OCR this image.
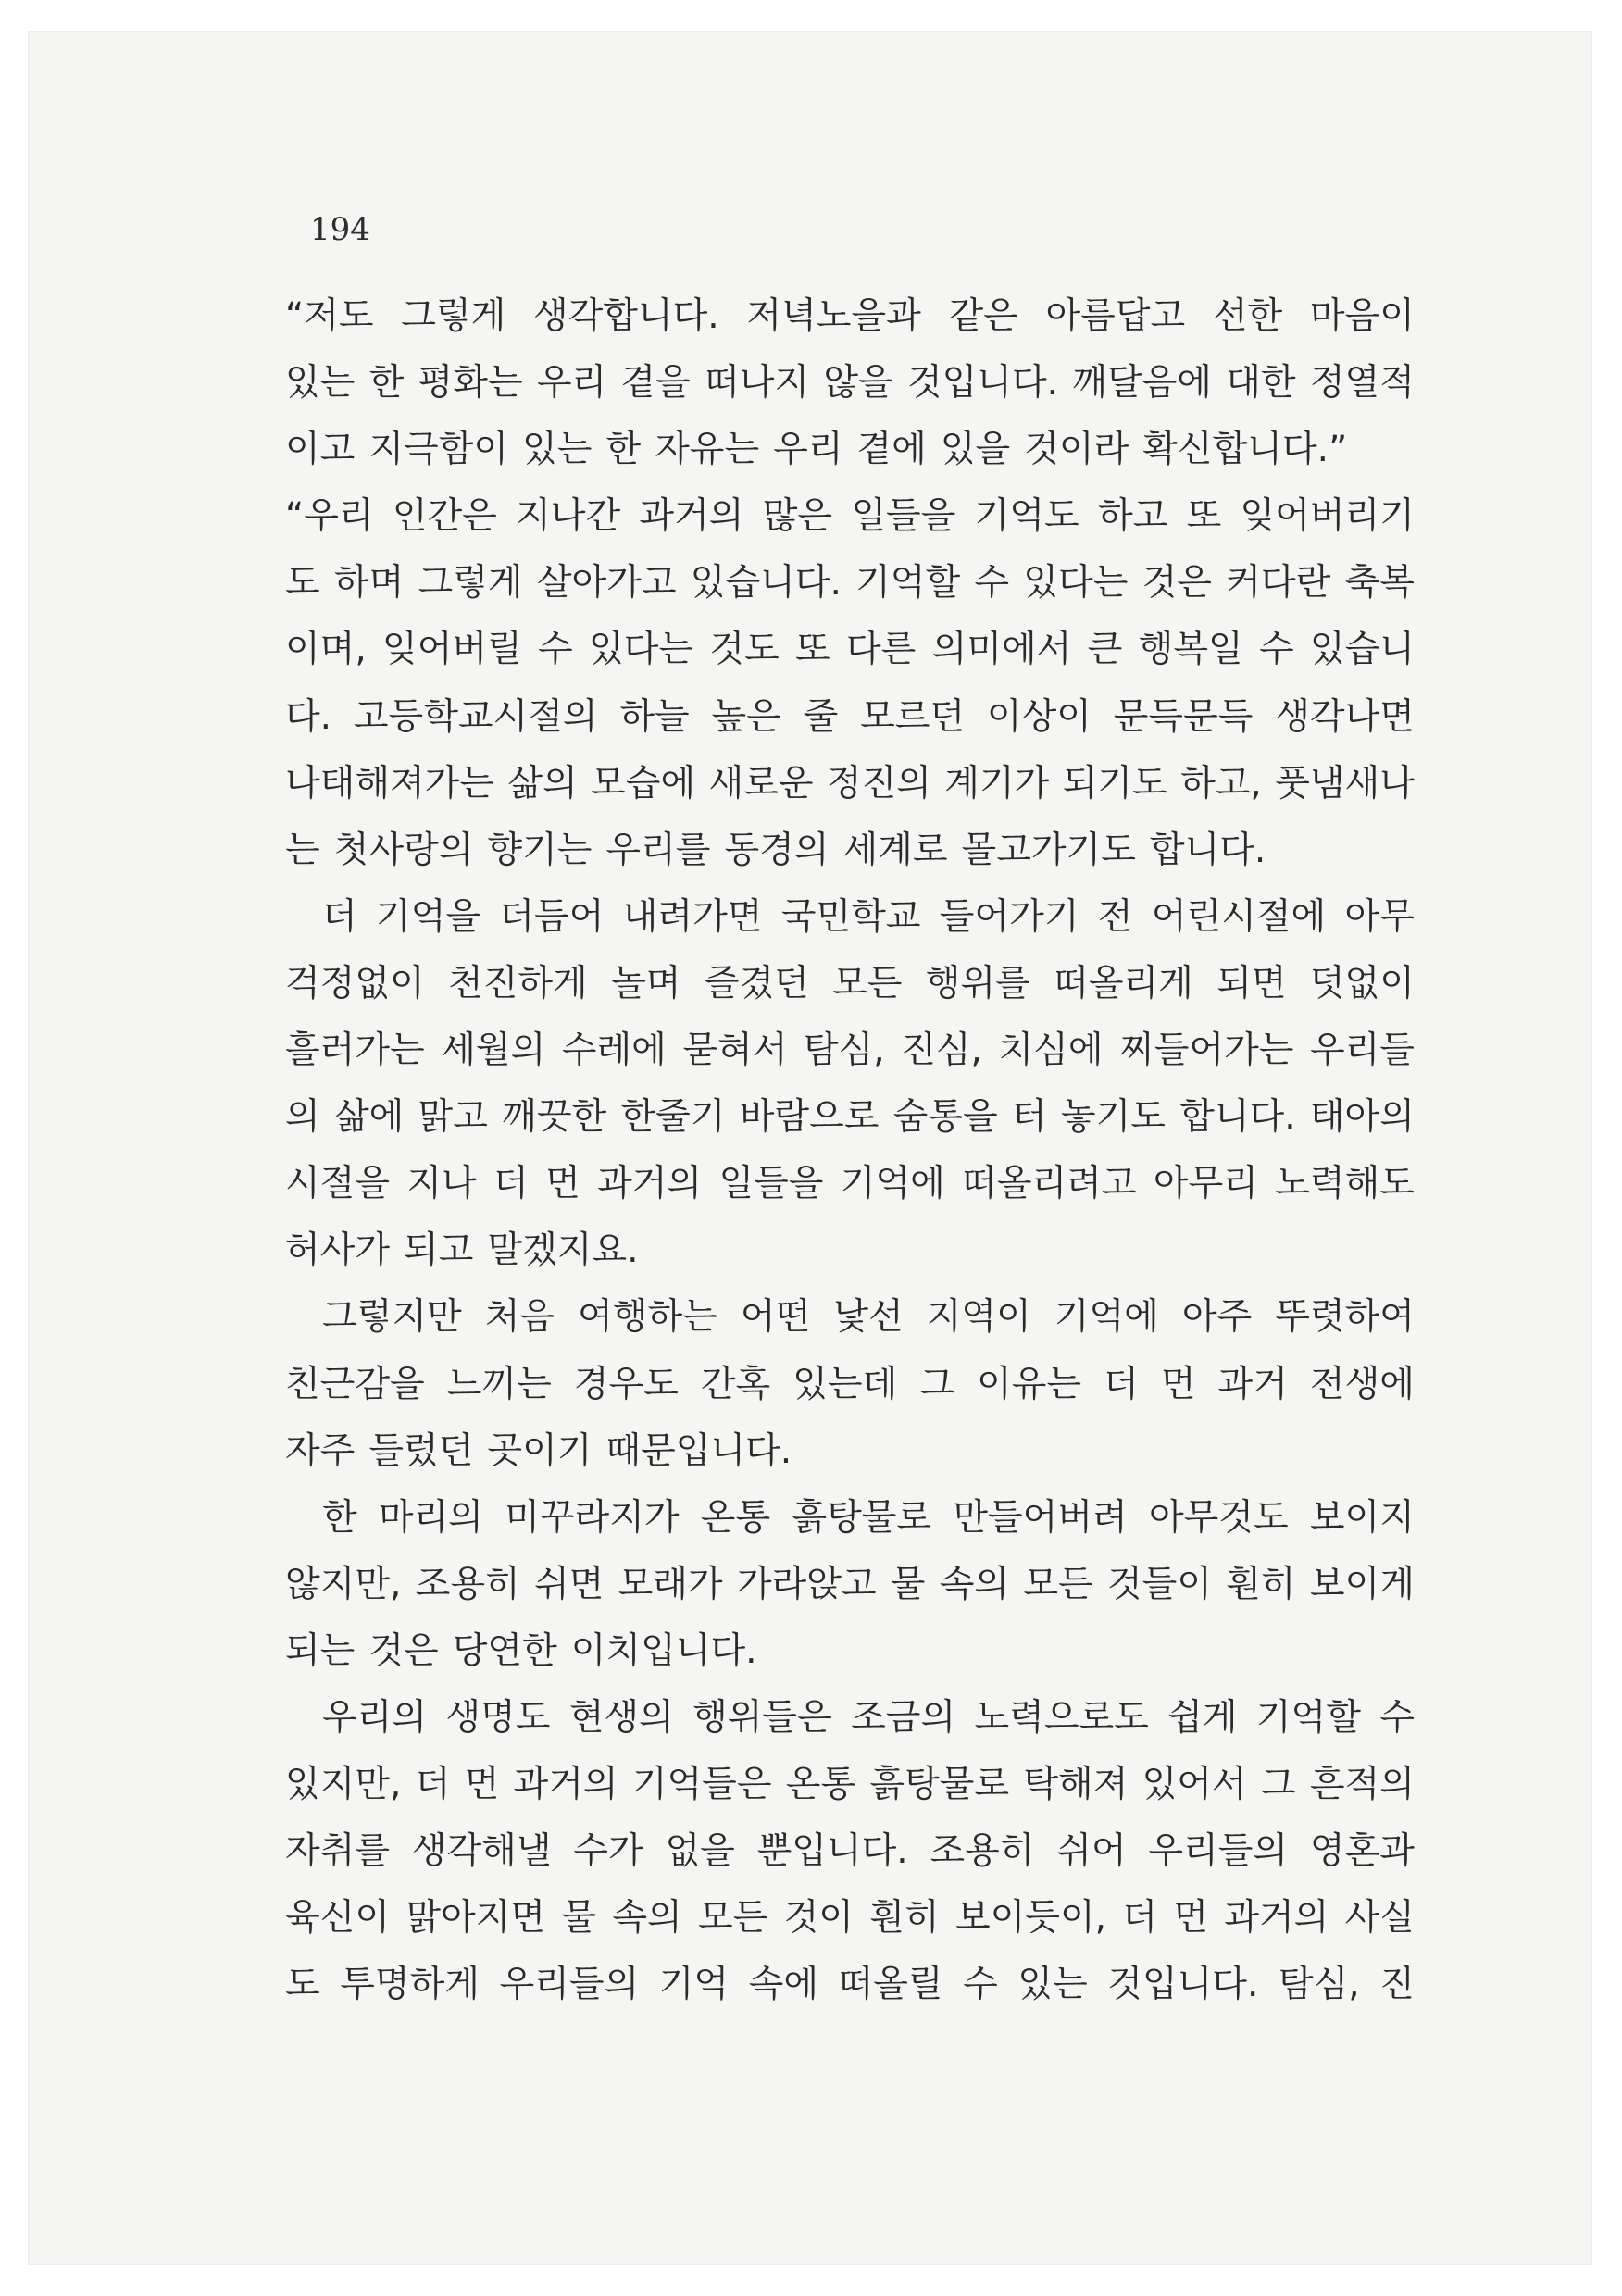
194
“저도 그렇게 생각합니다. 저녁노을과 같은 아름답고 선한 마음이
있는 한 평화는 우리 곁을 떠나지 않을 것입니다. 깨달음에 대한 정열적
이고 지극함이 있는 한 자유는 우리 곁에 있을 것이라 확신합니다.”
“우리 인간은 지나간 과거의 많은 일들을 기억도 하고 또 잊어버리기
도 하며 그렇게 살아가고 있습니다. 기억할 수 있다는 것은 커다란 축복
이며, 잊어버릴 수 있다는 것도 또 다른 의미에서 큰 행복일 수 있습니
다. 고등학교시절의 하늘 높은 줄 모르던 이상이 문득문득 생각나면
나태해져가는 삶의 모습에 새로운 정진의 계기가 되기도 하고, 풋냄새나
는 첫사랑의 향기는 우리를 동경의 세계로 몰고가기도 합니다.
더 기억을 더듬어 내려가면 국민학교 들어가기 전 어린시절에 아무
걱정없이 천진하게 놀며 즐겼던 모든 행위를 떠올리게 되면 덧없이
흘러가는 세월의 수레에 묻혀서 탐심, 진심, 치심에 찌들어가는 우리들
의 삶에 맑고 깨끗한 한줄기 바람으로 숨통을 터 놓기도 합니다. 태아의
시절을 지나 더 먼 과거의 일들을 기억에 떠올리려고 아무리 노력해도
허사가 되고 말겠지요.
그렇지만 처음 여행하는 어떤 낯선 지역이 기억에 아주 뚜렷하여
친근감을 느끼는 경우도 간혹 있는데 그 이유는 더 먼 과거 전생에
자주 들렀던 곳이기 때문입니다.
한 마리의 미꾸라지가 온통 흙탕물로 만들어버려 아무것도 보이지
않지만, 조용히 쉬면 모래가 가라앉고 물 속의 모든 것들이 훤히 보이게
되는 것은 당연한 이치입니다.
우리의 생명도 현생의 행위들은 조금의 노력으로도 쉽게 기억할 수
있지만, 더 먼 과거의 기억들은 온통 흙탕물로 탁해져 있어서 그 흔적의
자취를 생각해낼 수가 없을 뿐입니다. 조용히 쉬어 우리들의 영혼과
육신이 맑아지면 물 속의 모든 것이 훤히 보이듯이, 더 먼 과거의 사실
도 투명하게 우리들의 기억 속에 떠올릴 수 있는 것입니다. 탐심, 진
